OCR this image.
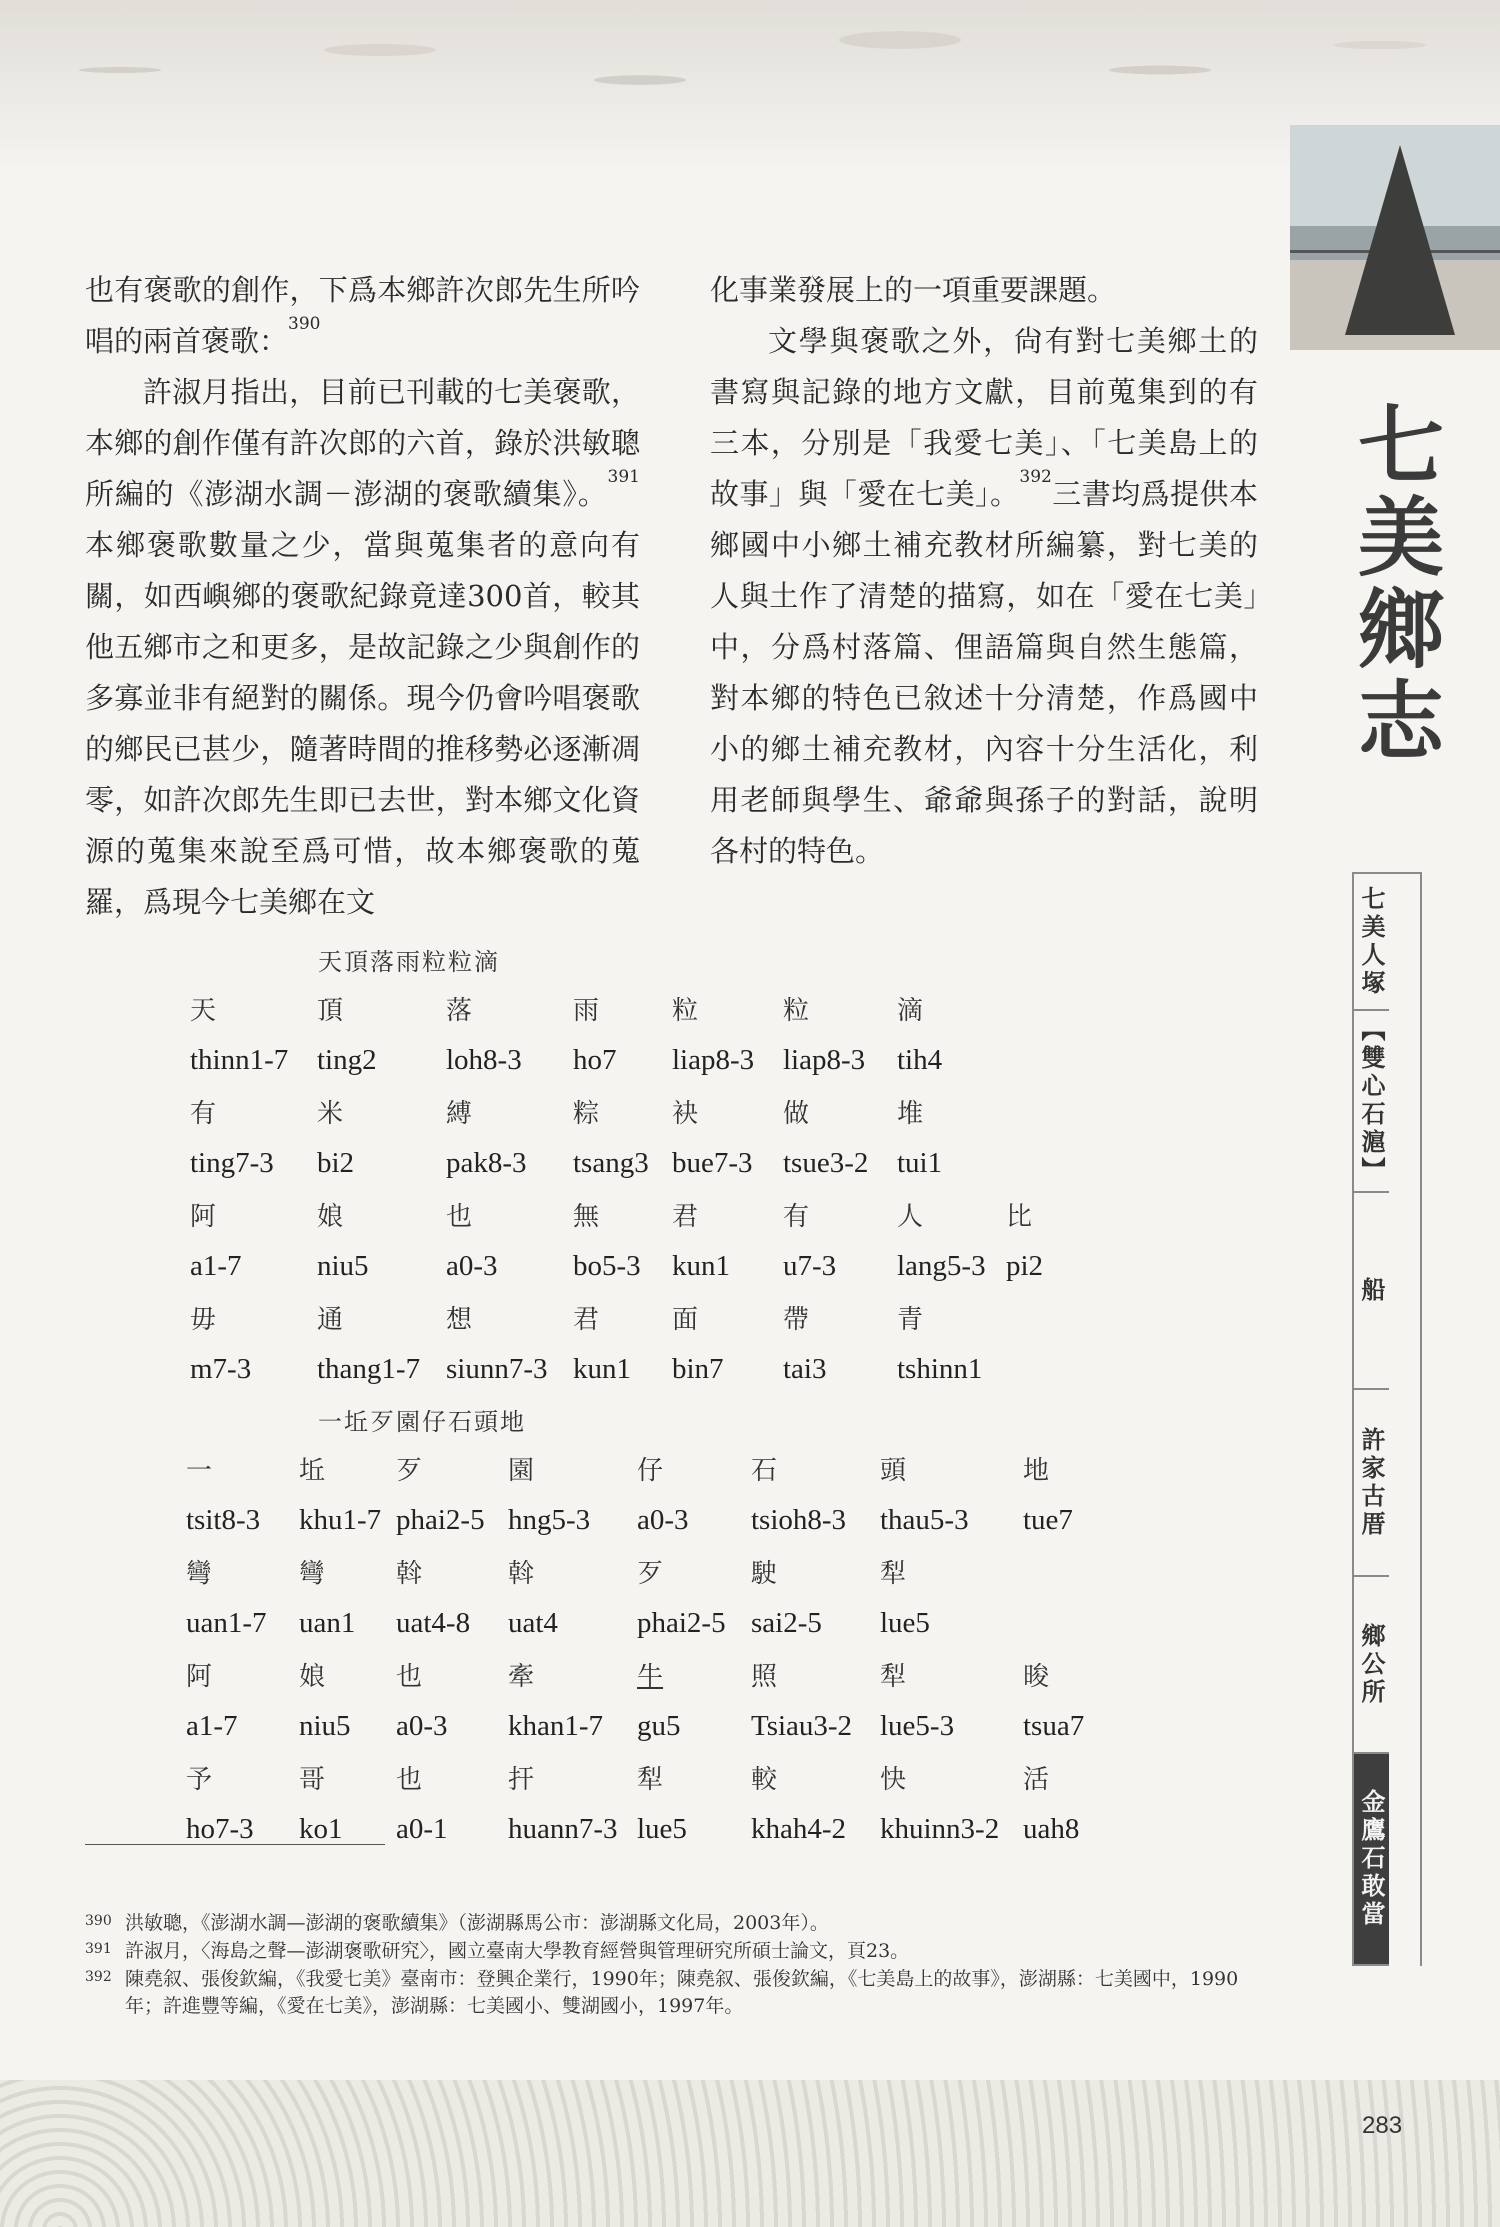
七美鄉志
七美人塚
【雙心石滬】
船
許家古厝
鄉公所
金鷹石敢當

也有褒歌的創作，下爲本鄉許次郎先生所吟唱的兩首褒歌：$^{390}$

許淑月指出，目前已刊載的七美褒歌，本鄉的創作僅有許次郎的六首，錄於洪敏聰所編的《澎湖水調－澎湖的褒歌續集》。$^{391}$本鄉褒歌數量之少，當與蒐集者的意向有關，如西嶼鄉的褒歌紀錄竟達300首，較其他五鄉市之和更多，是故記錄之少與創作的多寡並非有絕對的關係。現今仍會吟唱褒歌的鄉民已甚少，隨著時間的推移勢必逐漸凋零，如許次郎先生即已去世，對本鄉文化資源的蒐集來說至爲可惜，故本鄉褒歌的蒐羅，爲現今七美鄉在文

化事業發展上的一項重要課題。

文學與褒歌之外，尙有對七美鄉土的書寫與記錄的地方文獻，目前蒐集到的有三本，分別是「我愛七美」、「七美島上的故事」與「愛在七美」。$^{392}$三書均爲提供本鄉國中小鄉土補充教材所編纂，對七美的人與土作了清楚的描寫，如在「愛在七美」中，分爲村落篇、俚語篇與自然生態篇，對本鄉的特色已敘述十分清楚，作爲國中小的鄉土補充教材，內容十分生活化，利用老師與學生、爺爺與孫子的對話，說明各村的特色。

天頂落雨粒粒滴
天	頂	落	雨	粒	粒	滴
thinn1-7 ting2 loh8-3 ho7 liap8-3 liap8-3 tih4
有	米	縛	粽	袂	做	堆
ting7-3 bi2	pak8-3 tsang3 bue7-3 tsue3-2 tui1
阿	娘	也	無	君	有	人	比
a1-7	niu5	a0-3	bo5-3 kun1 u7-3 lang5-3 pi2
毋	通	想	君	面	帶	青
m7-3 thang1-7 siunn7-3 kun1 bin7 tai3 tshinn1
一坵歹園仔石頭地
一	坵	歹	園	仔	石	頭	地
tsit8-3 khu1-7 phai2-5 hng5-3 a0-3 tsioh8-3 thau5-3 tue7
彎	彎	斡	斡	歹	駛	犁
uan1-7 uan1 uat4-8 uat4	phai2-5 sai2-5 lue5
阿	娘	也	牽	牛	照	犁	晙
a1-7 niu5 a0-3 khan1-7 gu5 Tsiau3-2 lue5-3 tsua7
予	哥	也	扞	犁	較	快	活
ho7-3 ko1 a0-1 huann7-3 lue5 khah4-2 khuinn3-2 uah8
390 洪敏聰，《澎湖水調—澎湖的褒歌續集》（澎湖縣馬公市：澎湖縣文化局，2003年）。
391 許淑月，〈海島之聲—澎湖褒歌研究〉，國立臺南大學教育經營與管理研究所碩士論文，頁23。
392 陳堯叙、張俊欽編，《我愛七美》臺南市：登興企業行，1990年；陳堯叙、張俊欽編，《七美島上的故事》，澎湖縣：七美國中，1990年；許進豐等編，《愛在七美》，澎湖縣：七美國小、雙湖國小，1997年。
283
